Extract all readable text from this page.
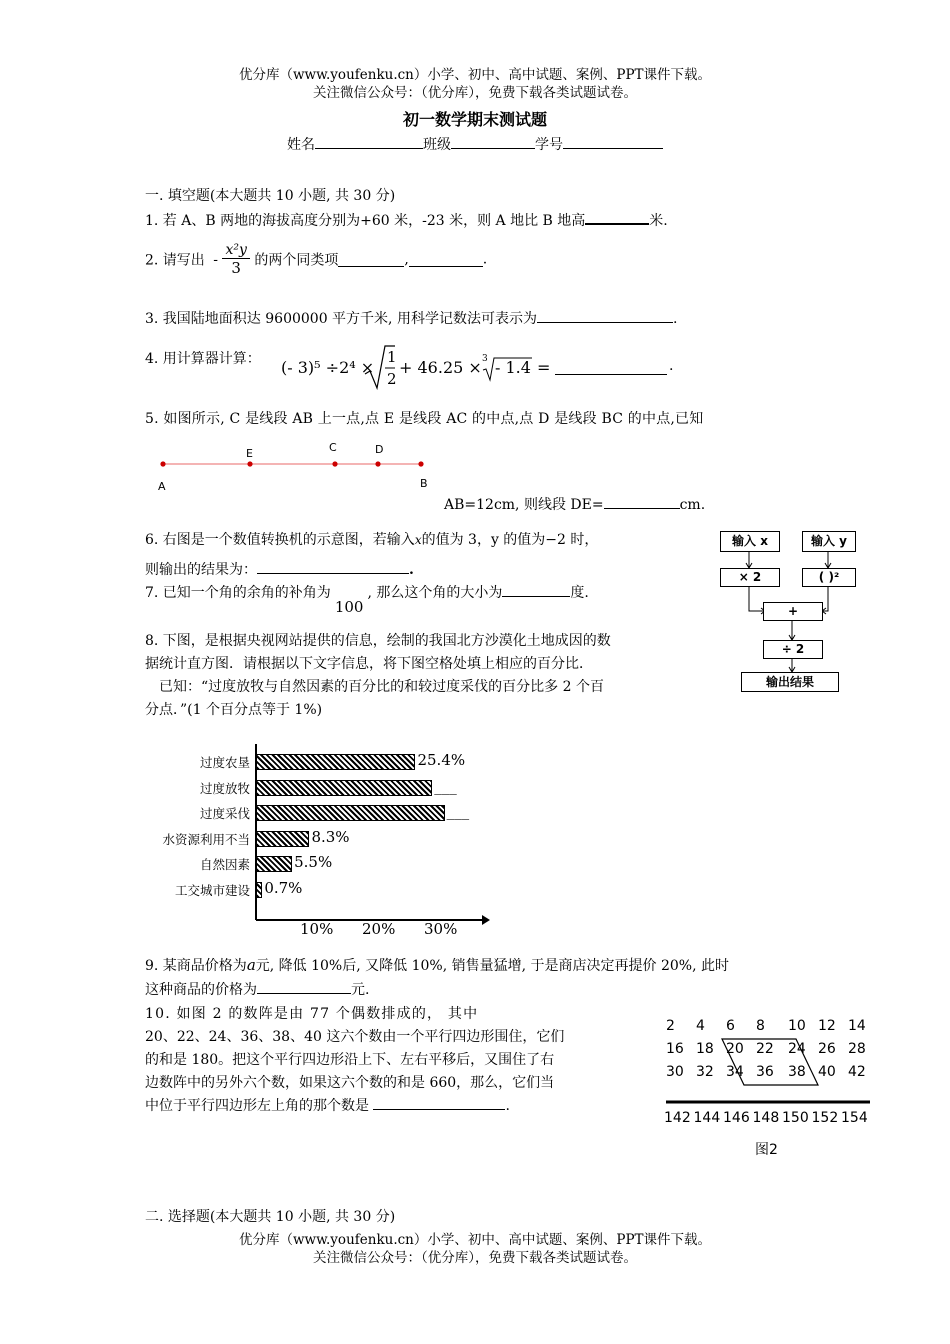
优分库（www.youfenku.cn）小学、初中、高中试题、案例、PPT课件下载。
关注微信公众号：（优分库），免费下载各类试题试卷。
初一数学期末测试题
姓名	班级	学号
一. 填空题(本大题共 10 小题, 共 30 分)
1. 若 A、B 两地的海拔高度分别为+60 米，-23 米，则 A 地比 B 地高	米.
2. 请写出 - $\frac{\text{x²y}}{3}$ 的两个同类项	,	.
3. 我国陆地面积达 9600000 平方千米, 用科学记数法可表示为	.
4. 用计算器计算： (- 3)⁵ ÷2⁴ ×
1
2
+ 46.25 × 3 - 1.4 =	.
5. 如图所示, C 是线段 AB 上一点,点 E 是线段 AC 的中点,点 D 是线段 BC 的中点,已知
A
E	C	D
B
AB=12cm, 则线段 DE=	cm.
6. 右图是一个数值转换机的示意图，若输入x的值为 3，y 的值为−2 时，
则输出的结果为：	.
7. 已知一个角的余角的补角为100, 那么这个角的大小为	度.
输入 x	输入 y
× 2	( )²
+
÷ 2
输出结果
8. 下图，是根据央视网站提供的信息，绘制的我国北方沙漠化土地成因的数
据统计直方图．请根据以下文字信息，将下图空格处填上相应的百分比．
已知：“过度放牧与自然因素的百分比的和较过度采伐的百分比多 2 个百
分点．”(1 个百分点等于 1%)
过度农垦	25.4%
过度放牧	___
过度采伐	___
水资源利用不当	8.3%
自然因素	5.5%
工交城市建设 0.7%
10% 20% 30%
9. 某商品价格为a元, 降低 10%后, 又降低 10%, 销售量猛增, 于是商店决定再提价 20%, 此时
这种商品的价格为	元.
10. 如图 2 的数阵是由 77 个偶数排成的， 其中
20、22、24、36、38、40 这六个数由一个平行四边形围住，它们
的和是 180。把这个平行四边形沿上下、左右平移后，又围住了右
边数阵中的另外六个数，如果这六个数的和是 660，那么，它们当
中位于平行四边形左上角的那个数是	.
2 4 6 8 10 12 14
16 18 20 22 24 26 28
30 32 34 36 38 40 42
142 144 146 148 150 152 154
图2
二. 选择题(本大题共 10 小题, 共 30 分)
优分库（www.youfenku.cn）小学、初中、高中试题、案例、PPT课件下载。
关注微信公众号：（优分库），免费下载各类试题试卷。
